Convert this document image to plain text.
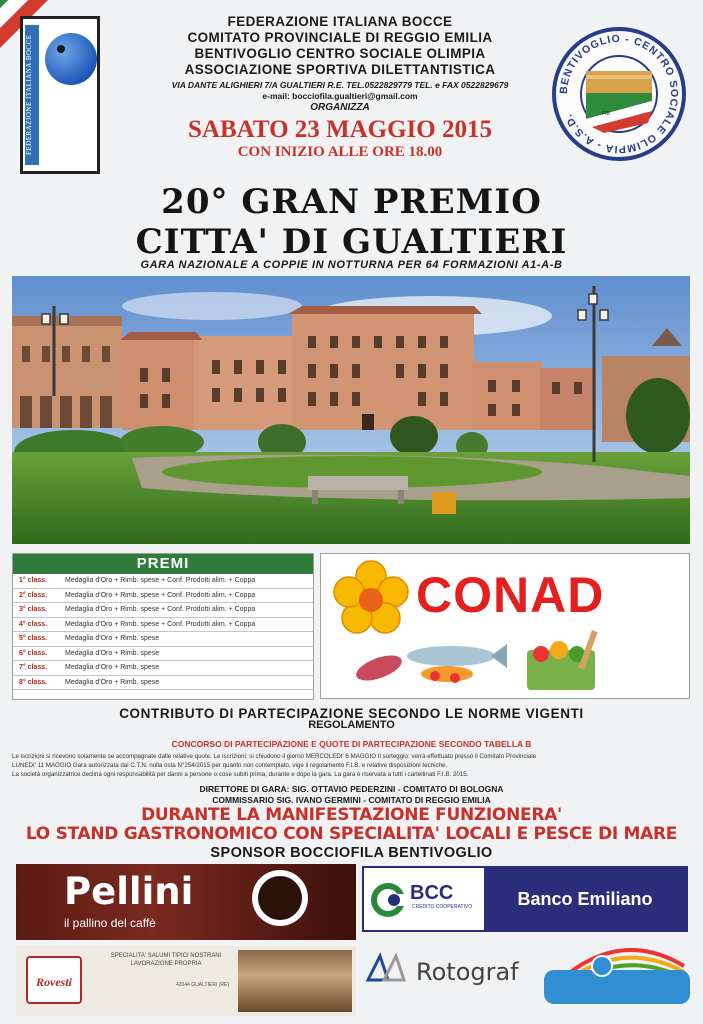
FEDERAZIONE ITALIANA BOCCE
FEDERAZIONE ITALIANA BOCCE
COMITATO PROVINCIALE DI REGGIO EMILIA
BENTIVOGLIO CENTRO SOCIALE OLIMPIA
ASSOCIAZIONE SPORTIVA DILETTANTISTICA
VIA DANTE ALIGHIERI 7/A GUALTIERI R.E. TEL.0522829779 TEL. e FAX 0522829679
e-mail: bocciofila.gualtieri@gmail.com
ORGANIZZA
SABATO 23 MAGGIO 2015
CON INIZIO ALLE ORE 18.00
FIB
BENTIVOGLIO - CENTRO SOCIALE OLIMPIA - A.S.D.
20° GRAN PREMIO
CITTA' DI GUALTIERI
GARA NAZIONALE A COPPIE IN NOTTURNA PER 64 FORMAZIONI A1-A-B
PREMI
1° class.	Medaglia d'Oro + Rimb. spese + Conf. Prodotti alim. + Coppa
2° class.	Medaglia d'Oro + Rimb. spese + Conf. Prodotti alim. + Coppa
3° class.	Medaglia d'Oro + Rimb. spese + Conf. Prodotti alim. + Coppa
4° class.	Medaglia d'Oro + Rimb. spese + Conf. Prodotti alim. + Coppa
5° class.	Medaglia d'Oro + Rimb. spese
6° class.	Medaglia d'Oro + Rimb. spese
7° class.	Medaglia d'Oro + Rimb. spese
8° class.	Medaglia d'Oro + Rimb. spese
CONAD
CONTRIBUTO DI PARTECIPAZIONE SECONDO LE NORME VIGENTI
REGOLAMENTO
CONCORSO DI PARTECIPAZIONE E QUOTE DI PARTECIPAZIONE SECONDO TABELLA B
Le iscrizioni si ricevono solamente se accompagnate dalle relative quote. Le iscrizioni: si chiudono il giorno MERCOLEDI' 6 MAGGIO Il sorteggio: verrà effettuato presso il Comitato Provinciale
LUNEDI' 11 MAGGIO Gara autorizzata dal C.T.N. nulla osta N°254/2015 per quanto non contemplato, vige il regolamento F.I.B. e relative disposizioni tecniche.
La società organizzatrice declina ogni responsabilità per danni a persone o cose subiti prima, durante e dopo la gara. La gara è riservata a tutti i cartellinati F.I.B. 2015.
DIRETTORE DI GARA: SIG. OTTAVIO PEDERZINI - COMITATO DI BOLOGNA
COMMISSARIO SIG. IVANO GERMINI - COMITATO DI REGGIO EMILIA
DURANTE LA MANIFESTAZIONE FUNZIONERA'
LO STAND GASTRONOMICO CON SPECIALITA' LOCALI E PESCE DI MARE
SPONSOR BOCCIOFILA BENTIVOGLIO
Pellini
il pallino del caffè
Rovesti
SPECIALITA' SALUMI TIPICI NOSTRANI LAVORAZIONE PROPRIA
42044 GUALTIERI (RE)
BCC
CREDITO COOPERATIVO	Banco Emiliano
Rotograf
